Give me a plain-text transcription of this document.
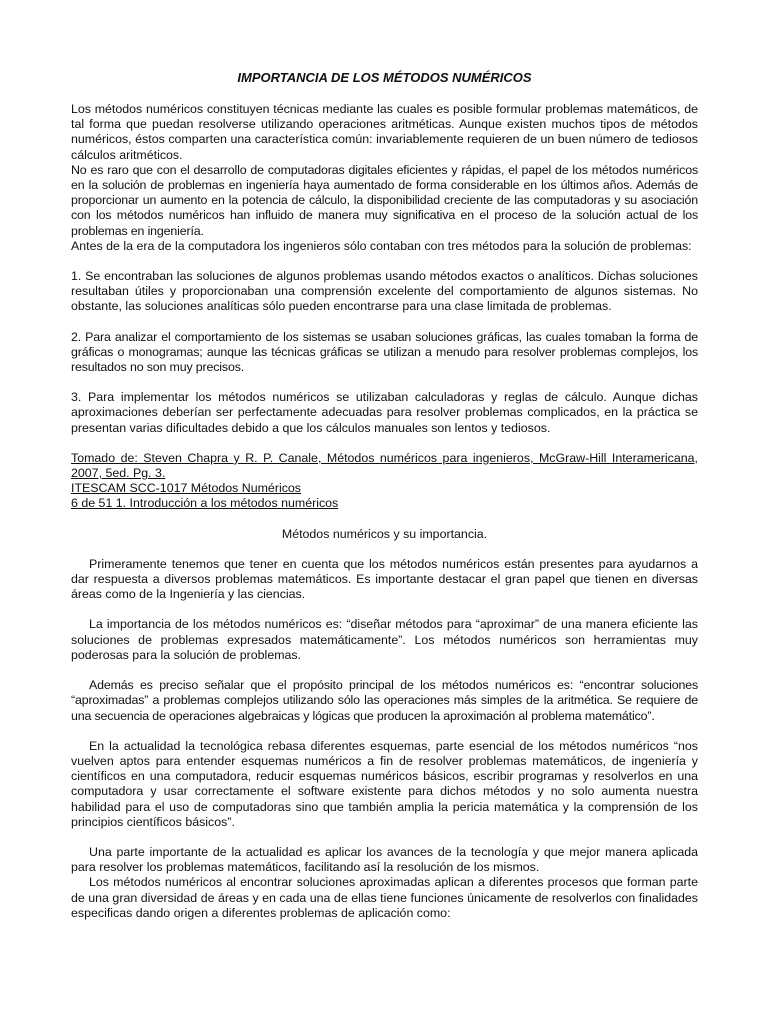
IMPORTANCIA DE LOS MÉTODOS NUMÉRICOS

Los métodos numéricos constituyen técnicas mediante las cuales es posible formular problemas matemáticos, de tal forma que puedan resolverse utilizando operaciones aritméticas. Aunque existen muchos tipos de métodos numéricos, éstos comparten una característica común: invariablemente requieren de un buen número de tediosos cálculos aritméticos.

No es raro que con el desarrollo de computadoras digitales eficientes y rápidas, el papel de los métodos numéricos en la solución de problemas en ingeniería haya aumentado de forma considerable en los últimos años. Además de proporcionar un aumento en la potencia de cálculo, la disponibilidad creciente de las computadoras y su asociación con los métodos numéricos han influido de manera muy significativa en el proceso de la solución actual de los problemas en ingeniería.

Antes de la era de la computadora los ingenieros sólo contaban con tres métodos para la solución de problemas:

1. Se encontraban las soluciones de algunos problemas usando métodos exactos o analíticos. Dichas soluciones resultaban útiles y proporcionaban una comprensión excelente del comportamiento de algunos sistemas. No obstante, las soluciones analíticas sólo pueden encontrarse para una clase limitada de problemas.

2. Para analizar el comportamiento de los sistemas se usaban soluciones gráficas, las cuales tomaban la forma de gráficas o monogramas; aunque las técnicas gráficas se utilizan a menudo para resolver problemas complejos, los resultados no son muy precisos.

3. Para implementar los métodos numéricos se utilizaban calculadoras y reglas de cálculo. Aunque dichas aproximaciones deberían ser perfectamente adecuadas para resolver problemas complicados, en la práctica se presentan varias dificultades debido a que los cálculos manuales son lentos y tediosos.

Tomado de: Steven Chapra y R. P. Canale, Métodos numéricos para ingenieros, McGraw-Hill Interamericana, 2007, 5ed. Pg. 3.

ITESCAM SCC-1017 Métodos Numéricos

6 de 51 1. Introducción a los métodos numéricos

Métodos numéricos y su importancia.

Primeramente tenemos que tener en cuenta que los métodos numéricos están presentes para ayudarnos a dar respuesta a diversos problemas matemáticos. Es importante destacar el gran papel que tienen en diversas áreas como de la Ingeniería y las ciencias.

La importancia de los métodos numéricos es: “diseñar métodos para “aproximar” de una manera eficiente las soluciones de problemas expresados matemáticamente”. Los métodos numéricos son herramientas muy poderosas para la solución de problemas.

Además es preciso señalar que el propósito principal de los métodos numéricos es: “encontrar soluciones “aproximadas” a problemas complejos utilizando sólo las operaciones más simples de la aritmética. Se requiere de una secuencia de operaciones algebraicas y lógicas que producen la aproximación al problema matemático”.

En la actualidad la tecnológica rebasa diferentes esquemas, parte esencial de los métodos numéricos “nos vuelven aptos para entender esquemas numéricos a fin de resolver problemas matemáticos, de ingeniería y científicos en una computadora, reducir esquemas numéricos básicos, escribir programas y resolverlos en una computadora y usar correctamente el software existente para dichos métodos y no solo aumenta nuestra habilidad para el uso de computadoras sino que también amplia la pericia matemática y la comprensión de los principios científicos básicos”.

Una parte importante de la actualidad es aplicar los avances de la tecnología y que mejor manera aplicada para resolver los problemas matemáticos, facilitando así la resolución de los mismos.

Los métodos numéricos al encontrar soluciones aproximadas aplican a diferentes procesos que forman parte de una gran diversidad de áreas y en cada una de ellas tiene funciones únicamente de resolverlos con finalidades especificas dando origen a diferentes problemas de aplicación como:
